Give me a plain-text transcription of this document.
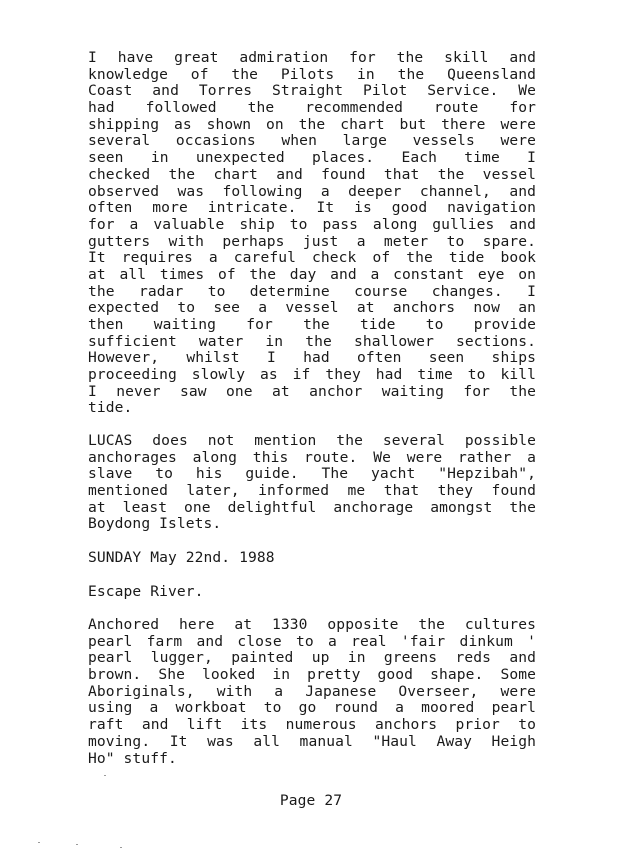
I have great admiration for the skill and
knowledge of the Pilots in the Queensland
Coast and Torres Straight Pilot Service. We
had followed the recommended route for
shipping as shown on the chart but there were
several occasions when large vessels were
seen in unexpected places. Each time I
checked the chart and found that the vessel
observed was following a deeper channel, and
often more intricate. It is good navigation
for a valuable ship to pass along gullies and
gutters with perhaps just a meter to spare.
It requires a careful check of the tide book
at all times of the day and a constant eye on
the radar to determine course changes. I
expected to see a vessel at anchors now an
then waiting for the tide to provide
sufficient water in the shallower sections.
However, whilst I had often seen ships
proceeding slowly as if they had time to kill
I never saw one at anchor waiting for the
tide.
LUCAS does not mention the several possible
anchorages along this route. We were rather a
slave to his guide. The yacht "Hepzibah",
mentioned later, informed me that they found
at least one delightful anchorage amongst the
Boydong Islets.
SUNDAY May 22nd. 1988
Escape River.
Anchored here at 1330 opposite the cultures
pearl farm and close to a real 'fair dinkum '
pearl lugger, painted up in greens reds and
brown. She looked in pretty good shape. Some
Aboriginals, with a Japanese Overseer, were
using a workboat to go round a moored pearl
raft and lift its numerous anchors prior to
moving. It was all manual "Haul Away Heigh
Ho" stuff.
Page 27
